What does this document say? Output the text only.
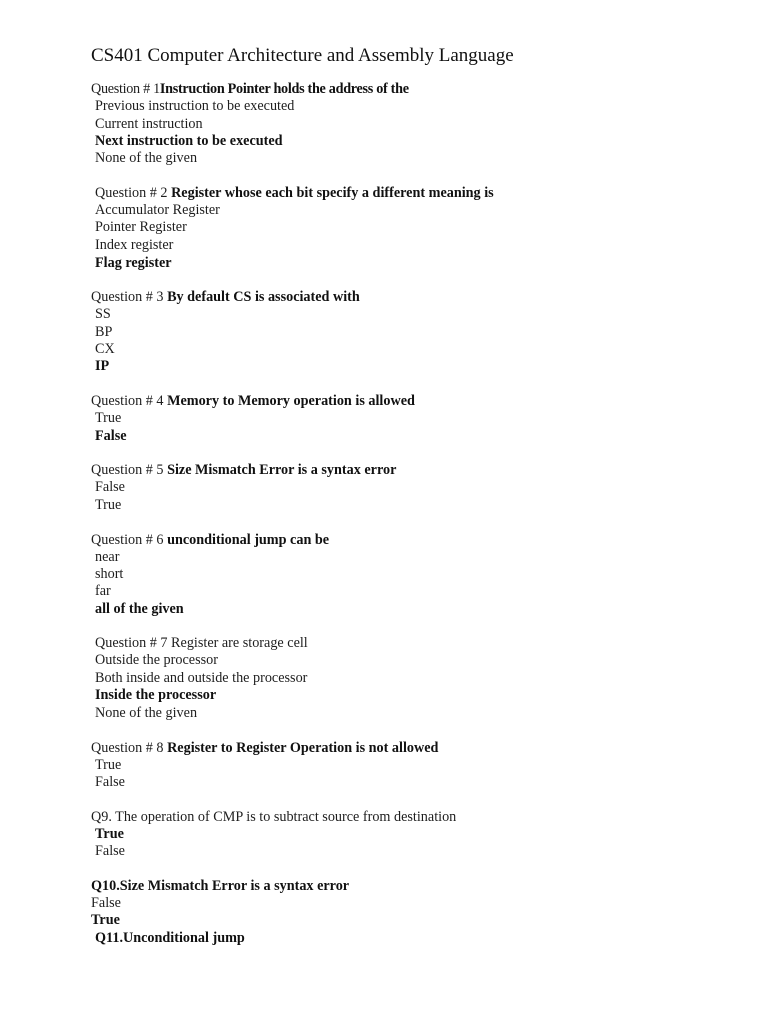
CS401 Computer Architecture and Assembly Language
Question # 1Instruction Pointer holds the address of the
Previous instruction to be executed
Current instruction
Next instruction to be executed
None of the given
Question # 2 Register whose each bit specify a different meaning is
Accumulator Register
Pointer Register
Index register
Flag register
Question # 3 By default CS is associated with
SS
BP
CX
IP
Question # 4 Memory to Memory operation is allowed
True
False
Question # 5 Size Mismatch Error is a syntax error
False
True
Question # 6 unconditional jump can be
near
short
far
all of the given
Question # 7 Register are storage cell
Outside the processor
Both inside and outside the processor
Inside the processor
None of the given
Question # 8 Register to Register Operation is not allowed
True
False
Q9. The operation of CMP is to subtract source from destination
True
False
Q10.Size Mismatch Error is a syntax error
False
True
Q11.Unconditional jump
